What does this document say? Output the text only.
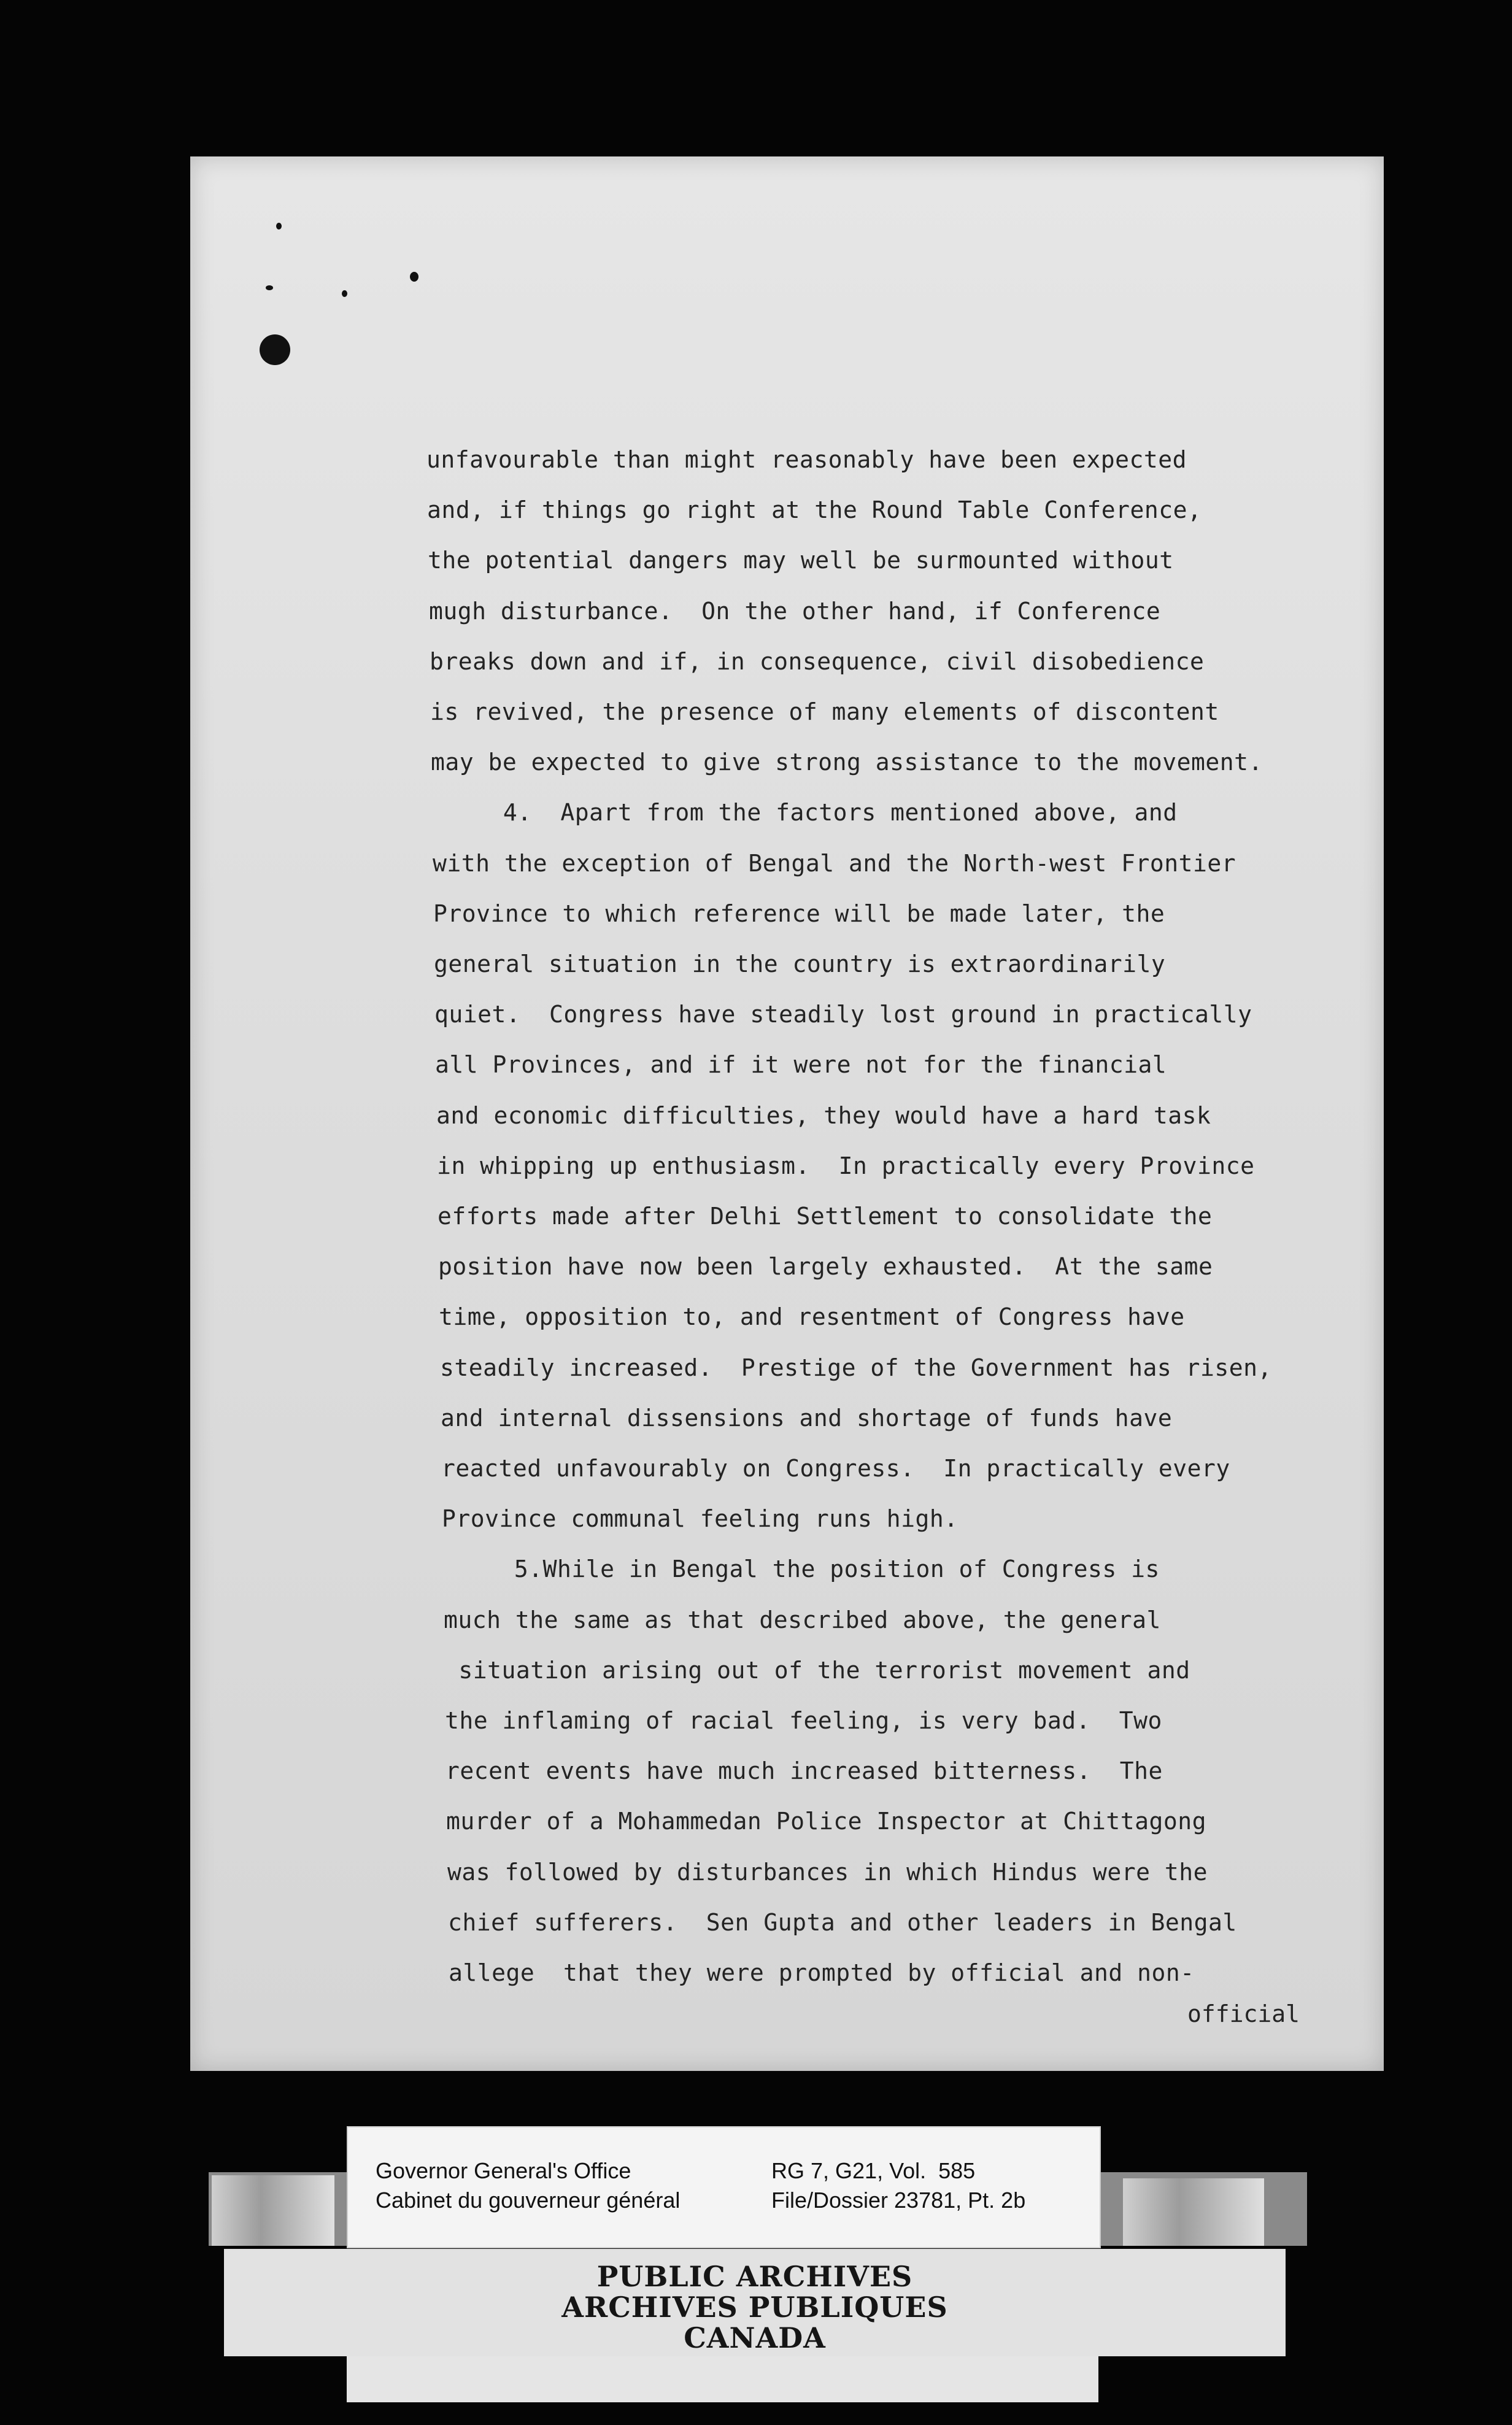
unfavourable than might reasonably have been expected
and, if things go right at the Round Table Conference,
the potential dangers may well be surmounted without
mugh disturbance.  On the other hand, if Conference
breaks down and if, in consequence, civil disobedience
is revived, the presence of many elements of discontent
may be expected to give strong assistance to the movement.
4.  Apart from the factors mentioned above, and
with the exception of Bengal and the North-west Frontier
Province to which reference will be made later, the
general situation in the country is extraordinarily
quiet.  Congress have steadily lost ground in practically
all Provinces, and if it were not for the financial
and economic difficulties, they would have a hard task
in whipping up enthusiasm.  In practically every Province
efforts made after Delhi Settlement to consolidate the
position have now been largely exhausted.  At the same
time, opposition to, and resentment of Congress have
steadily increased.  Prestige of the Government has risen,
and internal dissensions and shortage of funds have
reacted unfavourably on Congress.  In practically every
Province communal feeling runs high.
5.While in Bengal the position of Congress is
much the same as that described above, the general
situation arising out of the terrorist movement and
the inflaming of racial feeling, is very bad.  Two
recent events have much increased bitterness.  The
murder of a Mohammedan Police Inspector at Chittagong
was followed by disturbances in which Hindus were the
chief sufferers.  Sen Gupta and other leaders in Bengal
allege  that they were prompted by official and non-
official
Governor General's Office
Cabinet du gouverneur général
RG 7, G21, Vol.  585
File/Dossier 23781, Pt. 2b
PUBLIC ARCHIVES
ARCHIVES PUBLIQUES
CANADA
